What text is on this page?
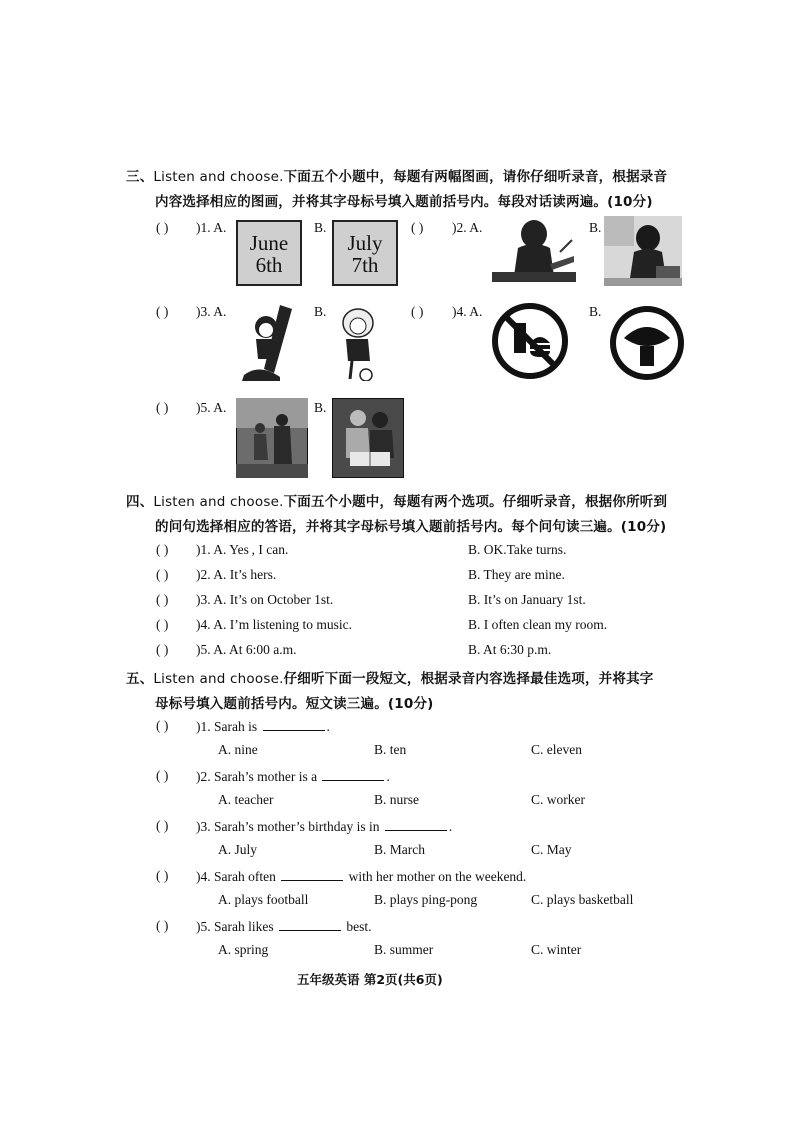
三、Listen and choose.下面五个小题中，每题有两幅图画，请你仔细听录音，根据录音
内容选择相应的图画，并将其字母标号填入题前括号内。每段对话读两遍。(10分)
( ) )1. A.
June
6th
B.
July
7th
( ) )2. A.	B.
( ) )3. A.	B.	( ) )4. A.	B.
( ) )5. A.	B.
四、Listen and choose.下面五个小题中，每题有两个选项。仔细听录音，根据你所听到
的问句选择相应的答语，并将其字母标号填入题前括号内。每个问句读三遍。(10分)
( ) )1. A. Yes , I can.	B. OK.Take turns.
( ) )2. A. It’s hers.	B. They are mine.
( ) )3. A. It’s on October 1st.	B. It’s on January 1st.
( ) )4. A. I’m listening to music.	B. I often clean my room.
( ) )5. A. At 6:00 a.m.	B. At 6:30 p.m.
五、Listen and choose.仔细听下面一段短文，根据录音内容选择最佳选项，并将其字
母标号填入题前括号内。短文读三遍。(10分)
( ) )1. Sarah is	.
A. nine	B. ten	C. eleven
( ) )2. Sarah’s mother is a	.
A. teacher	B. nurse	C. worker
( ) )3. Sarah’s mother’s birthday is in	.
A. July	B. March	C. May
( ) )4. Sarah often	with her mother on the weekend.
A. plays football	B. plays ping-pong	C. plays basketball
( ) )5. Sarah likes	best.
A. spring	B. summer	C. winter
五年级英语 第2页(共6页)
